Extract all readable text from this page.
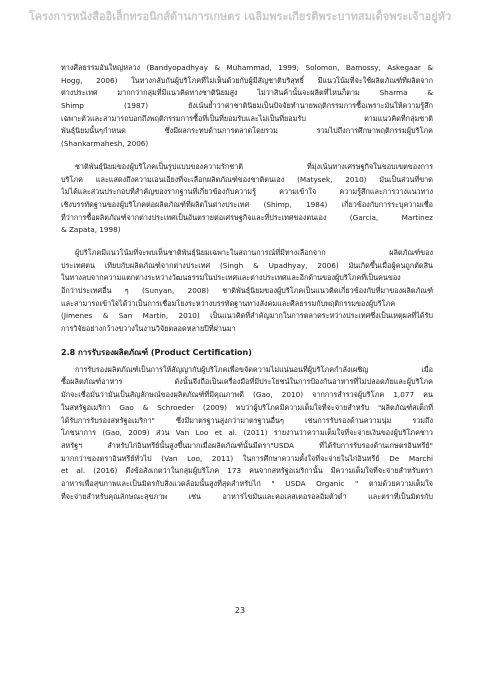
โครงการหนังสืออิเล็กทรอนิกส์ด้านการเกษตร เฉลิมพระเกียรติพระบาทสมเด็จพระเจ้าอยู่หัว
ทางศีลธรรมอันใหญ่หลวง (Bandyopadhyay & Muhammad, 1999; Solomon, Bamossy, Askegaar &
Hogg, 2006) ในทางกลับกันผู้บริโภคที่ไม่เห็นด้วยกับผู้มีสัญชาติบริสุทธิ์ มีแนวโน้มที่จะใช้ผลิตภัณฑ์ที่ผลิตจาก
ต่างประเทศ มากกว่ากลุ่มที่มีแนวคิดทางชาตินิยมสูง ไม่ว่าสินค้านั้นจะผลิตที่ไหนก็ตาม Sharma &
Shimp (1987) ยังเน้นย้ำว่าค่าชาตินิยมเป็นปัจจัยทำนายพฤติกรรมการซื้อเพราะมันให้ความรู้สึก
เฉพาะตัวและสามารถบอกถึงพฤติกรรมการซื้อที่เป็นที่ยอมรับและไม่เป็นที่ยอมรับ ตามแนวคิดที่กลุ่มชาติ
พันธุ์นิยมนั้นๆกำหนด ซึ่งมีผลกระทบด้านการตลาดโดยรวม รวมไปถึงการศึกษาพฤติกรรมผู้บริโภค
(Shankarmahesh, 2006)
ชาติพันธุ์นิยมของผู้บริโภคเป็นรูปแบบของความรักชาติ ที่มุ่งเน้นทางเศรษฐกิจในขอบเขตของการ
บริโภค และแสดงถึงความเอนเอียงที่จะเลือกผลิตภัณฑ์ของชาติตนเอง (Matysek, 2010) มันเป็นส่วนที่ขาด
ไม่ได้และส่วนประกอบที่สำคัญของรากฐานที่เกี่ยวข้องกับความรู้ ความเข้าใจ ความรู้สึกและการวางแนวทาง
เชิงบรรทัดฐานของผู้บริโภคต่อผลิตภัณฑ์ที่ผลิตในต่างประเทศ (Shimp, 1984) เกี่ยวข้องกับการระบุความเชื่อ
ที่ว่าการซื้อผลิตภัณฑ์จากต่างประเทศเป็นอันตรายต่อเศรษฐกิจและที่ประเทศของตนเอง (Garcia, Martinez
& Zapata, 1998)
ผู้บริโภคมีแนวโน้มที่จะพบเห็นชาติพันธุ์นิยมเฉพาะในสถานการณ์ที่มีทางเลือกจาก ผลิตภัณฑ์ของ
ประเทศตน เทียบกับผลิตภัณฑ์จากต่างประเทศ (Singh & Upadhyay, 2006) มันเกิดขึ้นเมื่อผู้คนถูกตัดสิน
ในทางลบจากความแตกต่างระหว่างวัฒนธรรมในประเทศและต่างประเทศและอีกด้านของผู้บริโภคที่เป็นคนของ
อีกว่าประเทศอื่น ๆ (Sunyan, 2008) ชาติพันธุ์นิยมของผู้บริโภคเป็นแนวคิดเกี่ยวข้องกับที่มาของผลิตภัณฑ์
และสามารถเข้าใจได้ว่าเป็นการเชื่อมโยงระหว่างบรรทัดฐานทางสังคมและศีลธรรมกับพฤติกรรมของผู้บริโภค
(Jimenes & San Martin, 2010) เป็นแนวคิดที่สำคัญมากในการตลาดระหว่างประเทศซึ่งเป็นเหตุผลที่ได้รับ
การวิจัยอย่างกว้างขวางในงานวิจัยตลอดหลายปีที่ผ่านมา
2.8 การรับรองผลิตภัณฑ์ (Product Certification)
การรับรองผลิตภัณฑ์เป็นการให้สัญญากับผู้บริโภคเพื่อขจัดความไม่แน่นอนที่ผู้บริโภคกำลังเผชิญ เมื่อ
ซื้อผลิตภัณฑ์อาหาร ดังนั้นจึงถือเป็นเครื่องมือที่มีประโยชน์ในการป้องกันอาหารที่ไม่ปลอดภัยและผู้บริโภค
มักจะเชื่อมั่นว่ามันเป็นสัญลักษณ์ของผลิตภัณฑ์ที่มีคุณภาพดี (Gao, 2010) จากการสำรวจผู้บริโภค 1,077 คน
ในสหรัฐอเมริกา Gao & Schroeder (2009) พบว่าผู้บริโภคมีความเต็มใจที่จะจ่ายสำหรับ "ผลิตภัณฑ์สเต็กที่
ได้รับการรับรองสหรัฐอเมริกา" ซึ่งมีมาตรฐานสูงกว่ามาตรฐานอื่นๆ เช่นการรับรองด้านความนุ่ม รวมถึง
โภชนาการ (Gao, 2009) ส่วน Van Loo et al. (2011) รายงานว่าความเต็มใจที่จะจ่ายเงินของผู้บริโภคชาว
สหรัฐฯ สำหรับไก่อินทรีย์นั้นสูงขึ้นมากเมื่อผลิตภัณฑ์นั้นมีตรา"USDA ที่ได้รับการรับรองด้านเกษตรอินทรีย์"
มากกว่าของตราอินทรีย์ทั่วไป (Van Loo, 2011) ในการศึกษาความตั้งใจที่จะจ่ายในไก่อินทรีย์ De Marchi
et al. (2016) ดึงข้อสังเกตว่าในกลุ่มผู้บริโภค 173 คนจากสหรัฐอเมริกานั้น มีความเต็มใจที่จะจ่ายสำหรับตรา
อาหารเพื่อสุขภาพและเป็นมิตรกับสิ่งแวดล้อมนั้นสูงที่สุดสำหรับไก่ " USDA Organic " ตามด้วยความเต็มใจ
ที่จะจ่ายสำหรับคุณลักษณะสุขภาพ เช่น อาหารไขมันและคอเลสเตอรอลอิ่มตัวต่ำ และตราที่เป็นมิตรกับ
23
